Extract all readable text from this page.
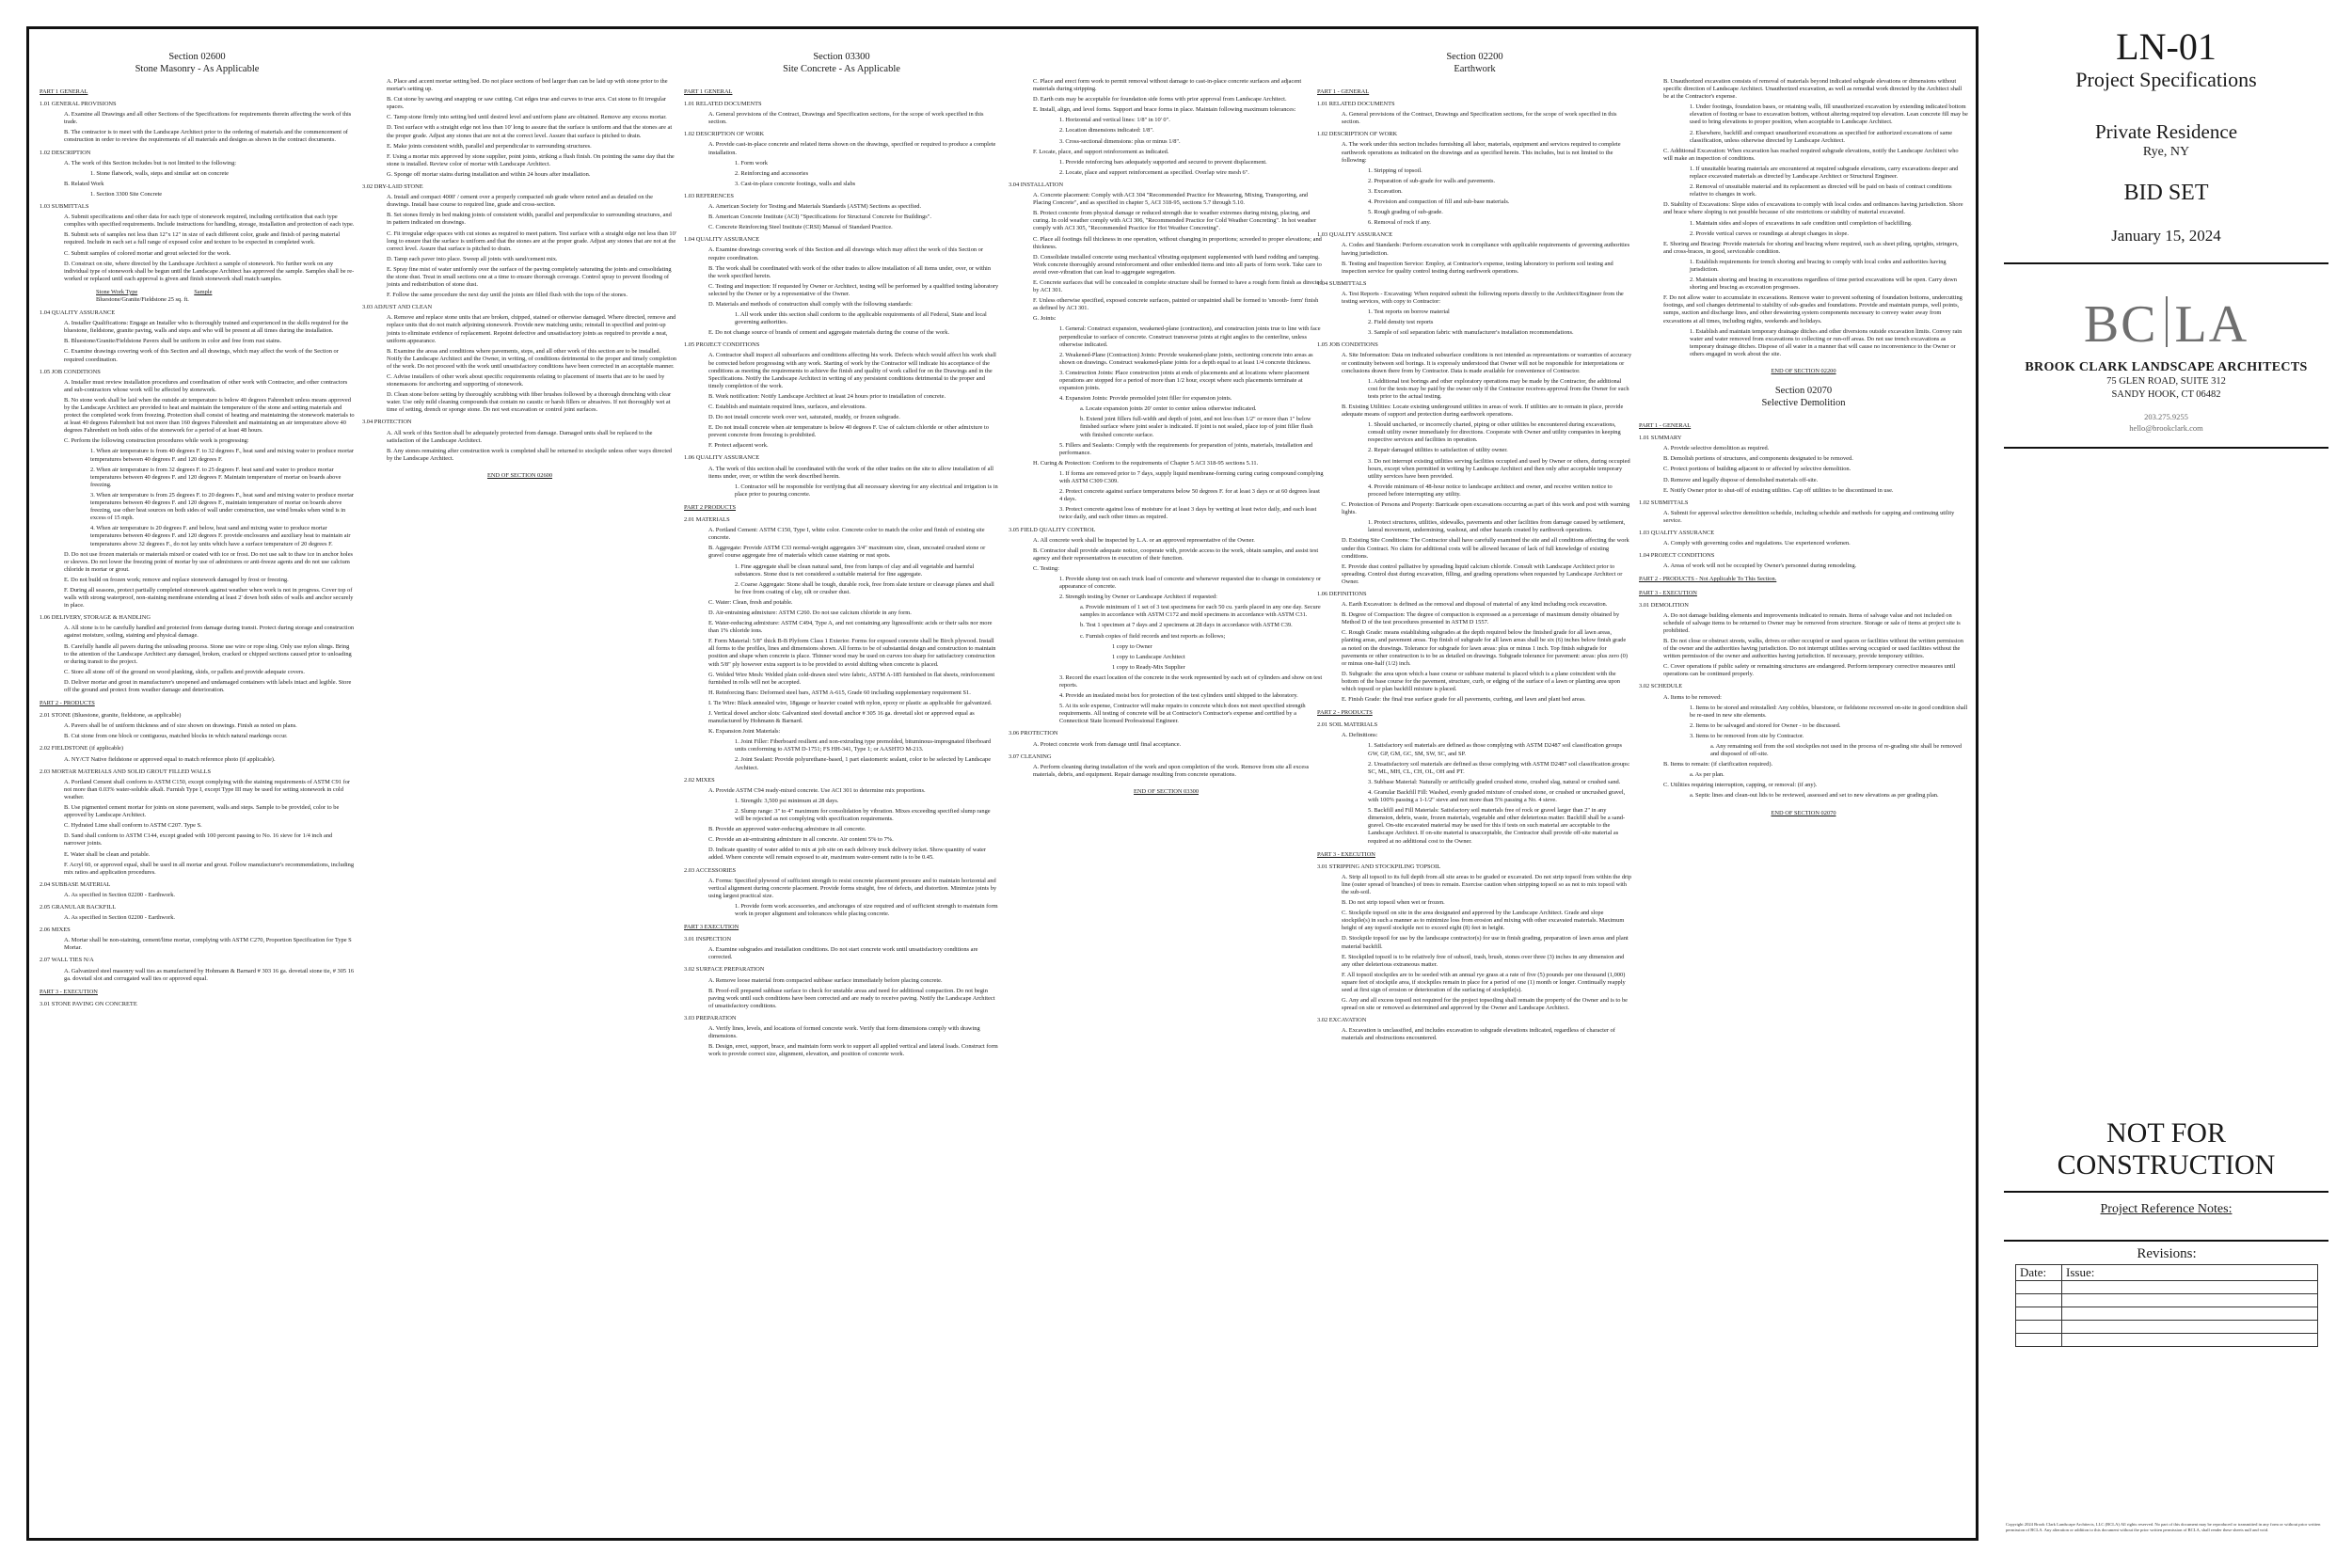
Section 02600
Stone Masonry - As Applicable
PART 1 GENERAL
1.01 GENERAL PROVISIONS

A. Examine all Drawings and all other Sections of the Specifications for requirements therein affecting the work of this trade.

B. The contractor is to meet with the Landscape Architect prior to the ordering of materials and the commencement of construction in order to review the requirements of all materials and designs as shown in the contract documents.

1.02 DESCRIPTION

A. The work of this Section includes but is not limited to the following:

1. Stone flatwork, walls, steps and similar set on concrete

B. Related Work

1. Section 3300 Site Concrete

1.03 SUBMITTALS

A. Submit specifications and other data for each type of stonework required, including certification that each type complies with specified requirements. Include instructions for handling, storage, installation and protection of each type.

B. Submit sets of samples not less than 12"x 12" in size of each different color, grade and finish of paving material required. Include in each set a full range of exposed color and texture to be expected in completed work.

C. Submit samples of colored mortar and grout selected for the work.

D. Construct on site, where directed by the Landscape Architect a sample of stonework. No further work on any individual type of stonework shall be begun until the Landscape Architect has approved the sample. Samples shall be re-worked or replaced until each approval is given and finish stonework shall match samples.

Stone Work Type	Sample
Bluestone/Granite/Fieldstone 25 sq. ft.
1.04 QUALITY ASSURANCE

A. Installer Qualifications: Engage an Installer who is thoroughly trained and experienced in the skills required for the bluestone, fieldstone, granite paving, walls and steps and who will be present at all times during the installation.

B. Bluestone/Granite/Fieldstone Pavers shall be uniform in color and free from rust stains.

C. Examine drawings covering work of this Section and all drawings, which may affect the work of the Section or required coordination.

1.05 JOB CONDITIONS

A. Installer must review installation procedures and coordination of other work with Contractor, and other contractors and sub-contractors whose work will be affected by stonework.

B. No stone work shall be laid when the outside air temperature is below 40 degrees Fahrenheit unless means approved by the Landscape Architect are provided to heat and maintain the temperature of the stone and setting materials and protect the completed work from freezing. Protection shall consist of heating and maintaining the stonework materials to at least 40 degrees Fahrenheit but not more than 160 degrees Fahrenheit and maintaining an air temperature above 40 degrees Fahrenheit on both sides of the stonework for a period of at least 48 hours.

C. Perform the following construction procedures while work is progressing:

1. When air temperature is from 40 degrees F. to 32 degrees F., heat sand and mixing water to produce mortar temperatures between 40 degrees F. and 120 degrees F.

2. When air temperature is from 32 degrees F. to 25 degrees F. heat sand and water to produce mortar temperatures between 40 degrees F. and 120 degrees F. Maintain temperature of mortar on boards above freezing.

3. When air temperature is from 25 degrees F. to 20 degrees F., heat sand and mixing water to produce mortar temperatures between 40 degrees F. and 120 degrees F., maintain temperature of mortar on boards above freezing, use other heat sources on both sides of wall under construction, use wind breaks when wind is in excess of 15 mph.

4. When air temperature is 20 degrees F. and below, heat sand and mixing water to produce mortar temperatures between 40 degrees F. and 120 degrees F. provide enclosures and auxiliary heat to maintain air temperatures above 32 degrees F., do not lay units which have a surface temperature of 20 degrees F.

D. Do not use frozen materials or materials mixed or coated with ice or frost. Do not use salt to thaw ice in anchor holes or sleeves. Do not lower the freezing point of mortar by use of admixtures or anti-freeze agents and do not use calcium chloride in mortar or grout.

E. Do not build on frozen work; remove and replace stonework damaged by frost or freezing.

F. During all seasons, protect partially completed stonework against weather when work is not in progress. Cover top of walls with strong waterproof, non-staining membrane extending at least 2' down both sides of walls and anchor securely in place.

1.06 DELIVERY, STORAGE & HANDLING

A. All stone is to be carefully handled and protected from damage during transit. Protect during storage and construction against moisture, soiling, staining and physical damage.

B. Carefully handle all pavers during the unloading process. Stone use wire or rope sling. Only use nylon slings. Bring to the attention of the Landscape Architect any damaged, broken, cracked or chipped sections caused prior to unloading or during transit to the project.

C. Store all stone off of the ground on wood planking, skids, or pallets and provide adequate covers.

D. Deliver mortar and grout in manufacturer's unopened and undamaged containers with labels intact and legible. Store off the ground and protect from weather damage and deterioration.

PART 2 - PRODUCTS
2.01 STONE (Bluestone, granite, fieldstone, as applicable)

A. Pavers shall be of uniform thickness and of size shown on drawings. Finish as noted on plans.

B. Cut stone from one block or contiguous, matched blocks in which natural markings occur.

2.02 FIELDSTONE (if applicable)

A. NY/CT Native fieldstone or approved equal to match reference photo (if applicable).

2.03 MORTAR MATERIALS AND SOLID GROUT FILLED WALLS

A. Portland Cement shall conform to ASTM C150, except complying with the staining requirements of ASTM C91 for not more than 0.03% water-soluble alkali. Furnish Type I, except Type III may be used for setting stonework in cold weather.

B. Use pigmented cement mortar for joints on stone pavement, walls and steps. Sample to be provided, color to be approved by Landscape Architect.

C. Hydrated Lime shall conform to ASTM C207. Type S.

D. Sand shall conform to ASTM C144, except graded with 100 percent passing to No. 16 sieve for 1/4 inch and narrower joints.

E. Water shall be clean and potable.

F. Acryl 60, or approved equal, shall be used in all mortar and grout. Follow manufacturer's recommendations, including mix ratios and application procedures.

2.04 SUBBASE MATERIAL

A. As specified in Section 02200 - Earthwork.

2.05 GRANULAR BACKFILL

A. As specified in Section 02200 - Earthwork.

2.06 MIXES

A. Mortar shall be non-staining, cement/lime mortar, complying with ASTM C270, Proportion Specification for Type S Mortar.

2.07 WALL TIES N/A

A. Galvanized steel masonry wall ties as manufactured by Hohmann & Barnard # 303 16 ga. dovetail stone tie, # 305 16 ga. dovetail slot and corrugated wall ties or approved equal.

PART 3 - EXECUTION
3.01 STONE PAVING ON CONCRETE

A. Place and accent mortar setting bed. Do not place sections of bed larger than can be laid up with stone prior to the mortar's setting up.

B. Cut stone by sawing and snapping or saw cutting. Cut edges true and curves to true arcs. Cut stone to fit irregular spaces.

C. Tamp stone firmly into setting bed until desired level and uniform plane are obtained. Remove any excess mortar.

D. Test surface with a straight edge not less than 10' long to assure that the surface is uniform and that the stones are at the proper grade. Adjust any stones that are not at the correct level. Assure that surface is pitched to drain.

E. Make joints consistent width, parallel and perpendicular to surrounding structures.

F. Using a mortar mix approved by stone supplier, point joints, striking a flush finish. On pointing the same day that the stone is installed. Review color of mortar with Landscape Architect.

G. Sponge off mortar stains during installation and within 24 hours after installation.

3.02 DRY-LAID STONE

A. Install and compact 4000' / cement over a properly compacted sub grade where noted and as detailed on the drawings. Install base course to required line, grade and cross-section.

B. Set stones firmly in bed making joints of consistent width, parallel and perpendicular to surrounding structures, and in pattern indicated on drawings.

C. Fit irregular edge spaces with cut stones as required to meet pattern. Test surface with a straight edge not less than 10' long to ensure that the surface is uniform and that the stones are at the proper grade. Adjust any stones that are not at the correct level. Assure that surface is pitched to drain.

D. Tamp each paver into place. Sweep all joints with sand/cement mix.

E. Spray fine mist of water uniformly over the surface of the paving completely saturating the joints and consolidating the stone dust. Treat in small sections one at a time to ensure thorough coverage. Control spray to prevent flooding of joints and redistribution of stone dust.

F. Follow the same procedure the next day until the joints are filled flush with the tops of the stones.

3.03 ADJUST AND CLEAN

A. Remove and replace stone units that are broken, chipped, stained or otherwise damaged. Where directed, remove and replace units that do not match adjoining stonework. Provide new matching units; reinstall in specified and point-up joints to eliminate evidence of replacement. Repoint defective and unsatisfactory joints as required to provide a neat, uniform appearance.

B. Examine the areas and conditions where pavements, steps, and all other work of this section are to be installed. Notify the Landscape Architect and the Owner, in writing, of conditions detrimental to the proper and timely completion of the work. Do not proceed with the work until unsatisfactory conditions have been corrected in an acceptable manner.

C. Advise installers of other work about specific requirements relating to placement of inserts that are to be used by stonemasons for anchoring and supporting of stonework.

D. Clean stone before setting by thoroughly scrubbing with fiber brushes followed by a thorough drenching with clear water. Use only mild cleaning compounds that contain no caustic or harsh fillers or abrasives. If not thoroughly wet at time of setting, drench or sponge stone. Do not wet excavation or control joint surfaces.

3.04 PROTECTION

A. All work of this Section shall be adequately protected from damage. Damaged units shall be replaced to the satisfaction of the Landscape Architect.

B. Any stones remaining after construction work is completed shall be returned to stockpile unless other ways directed by the Landscape Architect.

END OF SECTION 02600
Section 03300
Site Concrete - As Applicable
PART 1 GENERAL
1.01 RELATED DOCUMENTS

A. General provisions of the Contract, Drawings and Specification sections, for the scope of work specified in this section.

1.02 DESCRIPTION OF WORK

A. Provide cast-in-place concrete and related items shown on the drawings, specified or required to produce a complete installation.

1. Form work

2. Reinforcing and accessories

3. Cast-in-place concrete footings, walls and slabs

1.03 REFERENCES

A. American Society for Testing and Materials Standards (ASTM) Sections as specified.

B. American Concrete Institute (ACI) "Specifications for Structural Concrete for Buildings".

C. Concrete Reinforcing Steel Institute (CRSI) Manual of Standard Practice.

1.04 QUALITY ASSURANCE

A. Examine drawings covering work of this Section and all drawings which may affect the work of this Section or require coordination.

B. The work shall be coordinated with work of the other trades to allow installation of all items under, over, or within the work specified herein.

C. Testing and inspection: If requested by Owner or Architect, testing will be performed by a qualified testing laboratory selected by the Owner or by a representative of the Owner.

D. Materials and methods of construction shall comply with the following standards:

1. All work under this section shall conform to the applicable requirements of all Federal, State and local governing authorities.

E. Do not change source of brands of cement and aggregate materials during the course of the work.

1.05 PROJECT CONDITIONS

A. Contractor shall inspect all subsurfaces and conditions affecting his work. Defects which would affect his work shall be corrected before progressing with any work. Starting of work by the Contractor will indicate his acceptance of the conditions as meeting the requirements to achieve the finish and quality of work called for on the Drawings and in the Specifications. Notify the Landscape Architect in writing of any persistent conditions detrimental to the proper and timely completion of the work.

B. Work notification: Notify Landscape Architect at least 24 hours prior to installation of concrete.

C. Establish and maintain required lines, surfaces, and elevations.

D. Do not install concrete work over wet, saturated, muddy, or frozen subgrade.

E. Do not install concrete when air temperature is below 40 degrees F. Use of calcium chloride or other admixture to prevent concrete from freezing is prohibited.

F. Protect adjacent work.

1.06 QUALITY ASSURANCE

A. The work of this section shall be coordinated with the work of the other trades on the site to allow installation of all items under, over, or within the work described herein.

1. Contractor will be responsible for verifying that all necessary sleeving for any electrical and irrigation is in place prior to pouring concrete.

PART 2 PRODUCTS
2.01 MATERIALS

A. Portland Cement: ASTM C150, Type I, white color. Concrete color to match the color and finish of existing site concrete.

B. Aggregate: Provide ASTM C33 normal-weight aggregates 3/4" maximum size, clean, uncoated crushed stone or gravel course aggregate free of materials which cause staining or rust spots.

1. Fine aggregate shall be clean natural sand, free from lumps of clay and all vegetable and harmful substances. Stone dust is not considered a suitable material for fine aggregate.

2. Coarse Aggregate: Stone shall be tough, durable rock, free from slate texture or cleavage planes and shall be free from coating of clay, silt or crusher dust.

C. Water: Clean, fresh and potable.

D. Air-entraining admixture: ASTM C260. Do not use calcium chloride in any form.

E. Water-reducing admixture: ASTM C494, Type A, and not containing any lignosulfonic acids or their salts nor more than 1% chloride ions.

F. Form Material: 5/8" thick B-B Plyform Class 1 Exterior. Forms for exposed concrete shall be Birch plywood. Install all forms to the profiles, lines and dimensions shown. All forms to be of substantial design and construction to maintain position and shape when concrete is place. Thinner wood may be used on curves too sharp for satisfactory construction with 5/8" ply however extra support is to be provided to avoid shifting when concrete is placed.

G. Welded Wire Mesh: Welded plain cold-drawn steel wire fabric, ASTM A-185 furnished in flat sheets, reinforcement furnished in rolls will not be accepted.

H. Reinforcing Bars: Deformed steel bars, ASTM A-615, Grade 60 including supplementary requirement S1.

I. Tie Wire: Black annealed wire, 18gauge or heavier coated with nylon, epoxy or plastic as applicable for galvanized.

J. Vertical dowel anchor slots: Galvanized steel dovetail anchor # 305 16 ga. dovetail slot or approved equal as manufactured by Hohmann & Barnard.

K. Expansion Joint Materials:

1. Joint Filler: Fiberboard resilient and non-extruding type premolded, bituminous-impregnated fiberboard units conforming to ASTM D-1751; FS HH-341, Type 1; or AASHTO M-213.

2. Joint Sealant: Provide polyurethane-based, 1 part elastomeric sealant, color to be selected by Landscape Architect.

2.02 MIXES

A. Provide ASTM C94 ready-mixed concrete. Use ACI 301 to determine mix proportions.

1. Strength: 3,500 psi minimum at 28 days.

2. Slump range: 3" to 4" maximum for consolidation by vibration. Mixes exceeding specified slump range will be rejected as not complying with specification requirements.

B. Provide an approved water-reducing admixture in all concrete.

C. Provide an air-entraining admixture in all concrete. Air content 5% to 7%.

D. Indicate quantity of water added to mix at job site on each delivery truck delivery ticket. Show quantity of water added. Where concrete will remain exposed to air, maximum water-cement ratio is to be 0.45.

2.03 ACCESSORIES

A. Forms: Specified plywood of sufficient strength to resist concrete placement pressure and to maintain horizontal and vertical alignment during concrete placement. Provide forms straight, free of defects, and distortion. Minimize joints by using largest practical size.

1. Provide form work accessories, and anchorages of size required and of sufficient strength to maintain form work in proper alignment and tolerances while placing concrete.

PART 3 EXECUTION
3.01 INSPECTION

A. Examine subgrades and installation conditions. Do not start concrete work until unsatisfactory conditions are corrected.

3.02 SURFACE PREPARATION

A. Remove loose material from compacted subbase surface immediately before placing concrete.

B. Proof-roll prepared subbase surface to check for unstable areas and need for additional compaction. Do not begin paving work until such conditions have been corrected and are ready to receive paving. Notify the Landscape Architect of unsatisfactory conditions.

3.03 PREPARATION

A. Verify lines, levels, and locations of formed concrete work. Verify that form dimensions comply with drawing dimensions.

B. Design, erect, support, brace, and maintain form work to support all applied vertical and lateral loads. Construct form work to provide correct size, alignment, elevation, and position of concrete work.

C. Place and erect form work to permit removal without damage to cast-in-place concrete surfaces and adjacent materials during stripping.

D. Earth cuts may be acceptable for foundation side forms with prior approval from Landscape Architect.

E. Install, align, and level forms. Support and brace forms in place. Maintain following maximum tolerances:

1. Horizontal and vertical lines: 1/8" in 10' 0".

2. Location dimensions indicated: 1/8".

3. Cross-sectional dimensions: plus or minus 1/8".

F. Locate, place, and support reinforcement as indicated.

1. Provide reinforcing bars adequately supported and secured to prevent displacement.

2. Locate, place and support reinforcement as specified. Overlap wire mesh 6".

3.04 INSTALLATION

A. Concrete placement: Comply with ACI 304 "Recommended Practice for Measuring, Mixing, Transporting, and Placing Concrete", and as specified in chapter 5, ACI 318-95, sections 5.7 through 5.10.

B. Protect concrete from physical damage or reduced strength due to weather extremes during mixing, placing, and curing. In cold weather comply with ACI 306, "Recommended Practice for Cold Weather Concreting". In hot weather comply with ACI 305, "Recommended Practice for Hot Weather Concreting".

C. Place all footings full thickness in one operation, without changing in proportions; screeded to proper elevations; and thickness.

D. Consolidate installed concrete using mechanical vibrating equipment supplemented with hand rodding and tamping. Work concrete thoroughly around reinforcement and other embedded items and into all parts of form work. Take care to avoid over-vibration that can lead to aggregate segregation.

E. Concrete surfaces that will be concealed in complete structure shall be formed to have a rough form finish as directed by ACI 301.

F. Unless otherwise specified, exposed concrete surfaces, painted or unpainted shall be formed to 'smooth- form' finish as defined by ACI 301.

G. Joints:

1. General: Construct expansion, weakened-plane (contraction), and construction joints true to line with face perpendicular to surface of concrete. Construct transverse joints at right angles to the centerline, unless otherwise indicated.

2. Weakened-Plane (Contraction) Joints: Provide weakened-plane joints, sectioning concrete into areas as shown on drawings. Construct weakened-plane joints for a depth equal to at least 1/4 concrete thickness.

3. Construction Joints: Place construction joints at ends of placements and at locations where placement operations are stopped for a period of more than 1/2 hour, except where such placements terminate at expansion joints.

4. Expansion Joints: Provide premolded joint filler for expansion joints.

a. Locate expansion joints 20' center to center unless otherwise indicated.

b. Extend joint fillers full-width and depth of joint, and not less than 1/2" or more than 1" below finished surface where joint sealer is indicated. If joint is not sealed, place top of joint filler flush with finished concrete surface.

5. Fillers and Sealants: Comply with the requirements for preparation of joints, materials, installation and performance.

H. Curing & Protection: Conform to the requirements of Chapter 5 ACI 318-95 sections 5.11.

1. If forms are removed prior to 7 days, supply liquid membrane-forming curing curing compound complying with ASTM C309 C309.

2. Protect concrete against surface temperatures below 50 degrees F. for at least 3 days or at 60 degrees least 4 days.

3. Protect concrete against loss of moisture for at least 3 days by wetting at least twice daily, and each least twice daily, and each other times as required.

3.05 FIELD QUALITY CONTROL

A. All concrete work shall be inspected by L.A. or an approved representative of the Owner.

B. Contractor shall provide adequate notice, cooperate with, provide access to the work, obtain samples, and assist test agency and their representatives in execution of their function.

C. Testing:

1. Provide slump test on each truck load of concrete and whenever requested due to change in consistency or appearance of concrete.

2. Strength testing by Owner or Landscape Architect if requested:

a. Provide minimum of 1 set of 3 test specimens for each 50 cu. yards placed in any one day. Secure samples in accordance with ASTM C172 and mold specimens in accordance with ASTM C31.

b. Test 1 specimen at 7 days and 2 specimens at 28 days in accordance with ASTM C39.

c. Furnish copies of field records and test reports as follows;

1 copy to Owner

1 copy to Landscape Architect

1 copy to Ready-Mix Supplier

3. Record the exact location of the concrete in the work represented by each set of cylinders and show on test reports.

4. Provide an insulated moist box for protection of the test cylinders until shipped to the laboratory.

5. At its sole expense, Contractor will make repairs to concrete which does not meet specified strength requirements. All testing of concrete will be at Contractor's Contractor's expense and certified by a Connecticut State licensed Professional Engineer.

3.06 PROTECTION

A. Protect concrete work from damage until final acceptance.

3.07 CLEANING

A. Perform cleaning during installation of the work and upon completion of the work. Remove from site all excess materials, debris, and equipment. Repair damage resulting from concrete operations.

END OF SECTION 03300
Section 02200
Earthwork
PART 1 - GENERAL
1.01 RELATED DOCUMENTS

A. General provisions of the Contract, Drawings and Specification sections, for the scope of work specified in this section.

1.02 DESCRIPTION OF WORK

A. The work under this section includes furnishing all labor, materials, equipment and services required to complete earthwork operations as indicated on the drawings and as specified herein. This includes, but is not limited to the following:

1. Stripping of topsoil.

2. Preparation of sub-grade for walls and pavements.

3. Excavation.

4. Provision and compaction of fill and sub-base materials.

5. Rough grading of sub-grade.

6. Removal of rock if any.

1.03 QUALITY ASSURANCE

A. Codes and Standards: Perform excavation work in compliance with applicable requirements of governing authorities having jurisdiction.

B. Testing and Inspection Service: Employ, at Contractor's expense, testing laboratory to perform soil testing and inspection service for quality control testing during earthwork operations.

1.04 SUBMITTALS

A. Test Reports - Excavating: When required submit the following reports directly to the Architect/Engineer from the testing services, with copy to Contractor:

1. Test reports on borrow material

2. Field density test reports

3. Sample of soil separation fabric with manufacturer's installation recommendations.

1.05 JOB CONDITIONS

A. Site Information: Data on indicated subsurface conditions is not intended as representations or warranties of accuracy or continuity between soil borings. It is expressly understood that Owner will not be responsible for interpretations or conclusions drawn there from by Contractor. Data is made available for convenience of Contractor.

1. Additional test borings and other exploratory operations may be made by the Contractor, the additional cost for the tests may be paid by the owner only if the Contractor receives approval from the Owner for such tests prior to the actual testing.

B. Existing Utilities: Locate existing underground utilities in areas of work. If utilities are to remain in place, provide adequate means of support and protection during earthwork operations.

1. Should uncharted, or incorrectly charted, piping or other utilities be encountered during excavations, consult utility owner immediately for directions. Cooperate with Owner and utility companies in keeping respective services and facilities in operation.

2. Repair damaged utilities to satisfaction of utility owner.

3. Do not interrupt existing utilities serving facilities occupied and used by Owner or others, during occupied hours, except when permitted in writing by Landscape Architect and then only after acceptable temporary utility services have been provided.

4. Provide minimum of 48-hour notice to landscape architect and owner, and receive written notice to proceed before interrupting any utility.

C. Protection of Persons and Property: Barricade open excavations occurring as part of this work and post with warning lights.

1. Protect structures, utilities, sidewalks, pavements and other facilities from damage caused by settlement, lateral movement, undermining, washout, and other hazards created by earthwork operations.

D. Existing Site Conditions: The Contractor shall have carefully examined the site and all conditions affecting the work under this Contract. No claim for additional costs will be allowed because of lack of full knowledge of existing conditions.

E. Provide dust control palliative by spreading liquid calcium chloride. Consult with Landscape Architect prior to spreading. Control dust during excavation, filling, and grading operations when requested by Landscape Architect or Owner.

1.06 DEFINITIONS

A. Earth Excavation: is defined as the removal and disposal of material of any kind including rock excavation.

B. Degree of Compaction: The degree of compaction is expressed as a percentage of maximum density obtained by Method D of the test procedures presented in ASTM D 1557.

C. Rough Grade: means establishing subgrades at the depth required below the finished grade for all lawn areas, planting areas, and pavement areas. Top finish of subgrade for all lawn areas shall be six (6) inches below finish grade as noted on the drawings. Tolerance for subgrade for lawn areas: plus or minus 1 inch. Top finish subgrade for pavements or other construction is to be as detailed on drawings. Subgrade tolerance for pavement: areas: plus zero (0) or minus one-half (1/2) inch.

D. Subgrade: the area upon which a base course or subbase material is placed which is a plane coincident with the bottom of the base course for the pavement, structure, curb, or edging of the surface of a lawn or planting area upon which topsoil or plan backfill mixture is placed.

E. Finish Grade: the final true surface grade for all pavements, curbing, and lawn and plant bed areas.

PART 2 - PRODUCTS
2.01 SOIL MATERIALS

A. Definitions:

1. Satisfactory soil materials are defined as those complying with ASTM D2487 soil classification groups GW, GP, GM, GC, SM, SW, SC, and SP.

2. Unsatisfactory soil materials are defined as those complying with ASTM D2487 soil classification groups: SC, ML, MH, CL, CH, OL, OH and PT.

3. Subbase Material: Naturally or artificially graded crushed stone, crushed slag, natural or crushed sand.

4. Granular Backfill Fill: Washed, evenly graded mixture of crushed stone, or crushed or uncrushed gravel, with 100% passing a 1-1/2" sieve and not more than 5% passing a No. 4 sieve.

5. Backfill and Fill Materials: Satisfactory soil materials free of rock or gravel larger than 2" in any dimension, debris, waste, frozen materials, vegetable and other deleterious matter. Backfill shall be a sand-gravel. On-site excavated material may be used for this if tests on such material are acceptable to the Landscape Architect. If on-site material is unacceptable, the Contractor shall provide off-site material as required at no additional cost to the Owner.

PART 3 - EXECUTION
3.01 STRIPPING AND STOCKPILING TOPSOIL

A. Strip all topsoil to its full depth from all site areas to be graded or excavated. Do not strip topsoil from within the drip line (outer spread of branches) of trees to remain. Exercise caution when stripping topsoil so as not to mix topsoil with the sub-soil.

B. Do not strip topsoil when wet or frozen.

C. Stockpile topsoil on site in the area designated and approved by the Landscape Architect. Grade and slope stockpile(s) in such a manner as to minimize loss from erosion and mixing with other excavated materials. Maximum height of any topsoil stockpile not to exceed eight (8) feet in height.

D. Stockpile topsoil for use by the landscape contractor(s) for use in finish grading, preparation of lawn areas and plant material backfill.

E. Stockpiled topsoil is to be relatively free of subsoil, trash, brush, stones over three (3) inches in any dimension and any other deleterious extraneous matter.

F. All topsoil stockpiles are to be seeded with an annual rye grass at a rate of five (5) pounds per one thousand (1,000) square feet of stockpile area, if stockpiles remain in place for a period of one (1) month or longer. Continually reapply seed at first sign of erosion or deterioration of the surfacing of stockpile(s).

G. Any and all excess topsoil not required for the project topsoiling shall remain the property of the Owner and is to be spread on site or removed as determined and approved by the Owner and Landscape Architect.

3.02 EXCAVATION

A. Excavation is unclassified, and includes excavation to subgrade elevations indicated, regardless of character of materials and obstructions encountered.

B. Unauthorized excavation consists of removal of materials beyond indicated subgrade elevations or dimensions without specific direction of Landscape Architect. Unauthorized excavation, as well as remedial work directed by the Architect shall be at the Contractor's expense.

1. Under footings, foundation bases, or retaining walls, fill unauthorized excavation by extending indicated bottom elevation of footing or base to excavation bottom, without altering required top elevation. Lean concrete fill may be used to bring elevations to proper position, when acceptable to Landscape Architect.

2. Elsewhere, backfill and compact unauthorized excavations as specified for authorized excavations of same classification, unless otherwise directed by Landscape Architect.

C. Additional Excavation: When excavation has reached required subgrade elevations, notify the Landscape Architect who will make an inspection of conditions.

1. If unsuitable bearing materials are encountered at required subgrade elevations, carry excavations deeper and replace excavated materials as directed by Landscape Architect or Structural Engineer.

2. Removal of unsuitable material and its replacement as directed will be paid on basis of contract conditions relative to changes in work.

D. Stability of Excavations: Slope sides of excavations to comply with local codes and ordinances having jurisdiction. Shore and brace where sloping is not possible because of site restrictions or stability of material excavated.

1. Maintain sides and slopes of excavations in safe condition until completion of backfilling.

2. Provide vertical curves or roundings at abrupt changes in slope.

E. Shoring and Bracing: Provide materials for shoring and bracing where required, such as sheet piling, uprights, stringers, and cross-braces, in good, serviceable condition.

1. Establish requirements for trench shoring and bracing to comply with local codes and authorities having jurisdiction.

2. Maintain shoring and bracing in excavations regardless of time period excavations will be open. Carry down shoring and bracing as excavation progresses.

F. Do not allow water to accumulate in excavations. Remove water to prevent softening of foundation bottoms, undercutting footings, and soil changes detrimental to stability of sub-grades and foundations. Provide and maintain pumps, well points, sumps, suction and discharge lines, and other dewatering system components necessary to convey water away from excavations at all times, including nights, weekends and holidays.

1. Establish and maintain temporary drainage ditches and other diversions outside excavation limits. Convey rain water and water removed from excavations to collecting or run-off areas. Do not use trench excavations as temporary drainage ditches. Dispose of all water in a manner that will cause no inconvenience to the Owner or others engaged in work about the site.

END OF SECTION 02200
Section 02070
Selective Demolition
PART 1 - GENERAL
1.01 SUMMARY

A. Provide selective demolition as required.

B. Demolish portions of structures, and components designated to be removed.

C. Protect portions of building adjacent to or affected by selective demolition.

D. Remove and legally dispose of demolished materials off-site.

E. Notify Owner prior to shut-off of existing utilities. Cap off utilities to be discontinued in use.

1.02 SUBMITTALS

A. Submit for approval selective demolition schedule, including schedule and methods for capping and continuing utility service.

1.03 QUALITY ASSURANCE

A. Comply with governing codes and regulations. Use experienced workmen.

1.04 PROJECT CONDITIONS

A. Areas of work will not be occupied by Owner's personnel during remodeling.

PART 2 - PRODUCTS - Not Applicable To This Section.
PART 3 - EXECUTION
3.01 DEMOLITION

A. Do not damage building elements and improvements indicated to remain. Items of salvage value and not included on schedule of salvage items to be returned to Owner may be removed from structure. Storage or sale of items at project site is prohibited.

B. Do not close or obstruct streets, walks, drives or other occupied or used spaces or facilities without the written permission of the owner and the authorities having jurisdiction. Do not interrupt utilities serving occupied or used facilities without the written permission of the owner and authorities having jurisdiction. If necessary, provide temporary utilities.

C. Cover operations if public safety or remaining structures are endangered. Perform temporary corrective measures until operations can be continued properly.

3.02 SCHEDULE

A. Items to be removed:

1. Items to be stored and reinstalled: Any cobbles, bluestone, or fieldstone recovered on-site in good condition shall be re-used in new site elements.

2. Items to be salvaged and stored for Owner - to be discussed.

3. Items to be removed from site by Contractor.

a. Any remaining soil from the soil stockpiles not used in the process of re-grading site shall be removed and disposed of off-site.

B. Items to remain: (if clarification required).

a. As per plan.

C. Utilities requiring interruption, capping, or removal: (if any).

a. Septic lines and clean-out lids to be reviewed, assessed and set to new elevations as per grading plan.

END OF SECTION 02070
LN-01
Project Specifications
Private Residence
Rye, NY
BID SET
January 15, 2024
BC LA
BROOK CLARK LANDSCAPE ARCHITECTS
75 GLEN ROAD, SUITE 312
SANDY HOOK, CT 06482
203.275.9255
hello@brookclark.com
NOT FOR CONSTRUCTION
Project Reference Notes:
Revisions:
Date:	Issue:

Copyright 2024 Brook Clark Landscape Architects, LLC (BCLA) All rights reserved. No part of this document may be reproduced or transmitted in any form or without prior written permission of BCLA. Any alteration or addition to this document without the prior written permission of BCLA, shall render these sheets null and void.
